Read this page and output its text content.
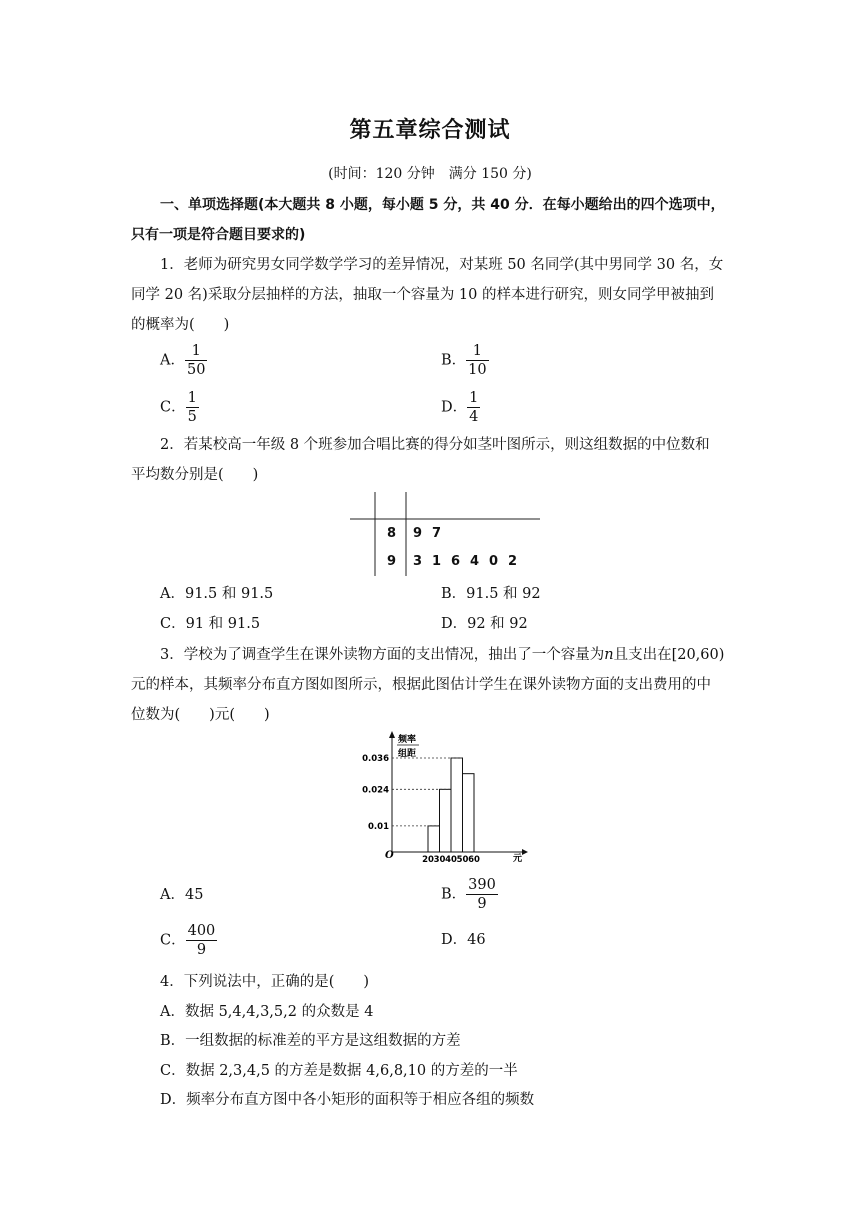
第五章综合测试
(时间：120 分钟　满分 150 分)
一、单项选择题(本大题共 8 小题，每小题 5 分，共 40 分．在每小题给出的四个选项中，
只有一项是符合题目要求的)
1．老师为研究男女同学数学学习的差异情况，对某班 50 名同学(其中男同学 30 名，女
同学 20 名)采取分层抽样的方法，抽取一个容量为 10 的样本进行研究，则女同学甲被抽到
的概率为(　　)
A． $\frac{1}{50}$	B． $\frac{1}{10}$
C． $\frac{1}{5}$	D． $\frac{1}{4}$
2．若某校高一年级 8 个班参加合唱比赛的得分如茎叶图所示，则这组数据的中位数和
平均数分别是(　　)
8 9 7
9 3 1 6 4 0 2
A．91.5 和 91.5	B．91.5 和 92
C．91 和 91.5	D．92 和 92
3．学校为了调查学生在课外读物方面的支出情况，抽出了一个容量为n且支出在[20,60)
元的样本，其频率分布直方图如图所示，根据此图估计学生在课外读物方面的支出费用的中
位数为(　　)元(　　)
频率
组距
O	元
0.01
0.024
0.036
20 30 40 50 60
A．45	B． $\frac{390}{9}$
C． $\frac{400}{9}$	D．46
4．下列说法中，正确的是(　　)
A．数据 5,4,4,3,5,2 的众数是 4
B．一组数据的标准差的平方是这组数据的方差
C．数据 2,3,4,5 的方差是数据 4,6,8,10 的方差的一半
D．频率分布直方图中各小矩形的面积等于相应各组的频数
